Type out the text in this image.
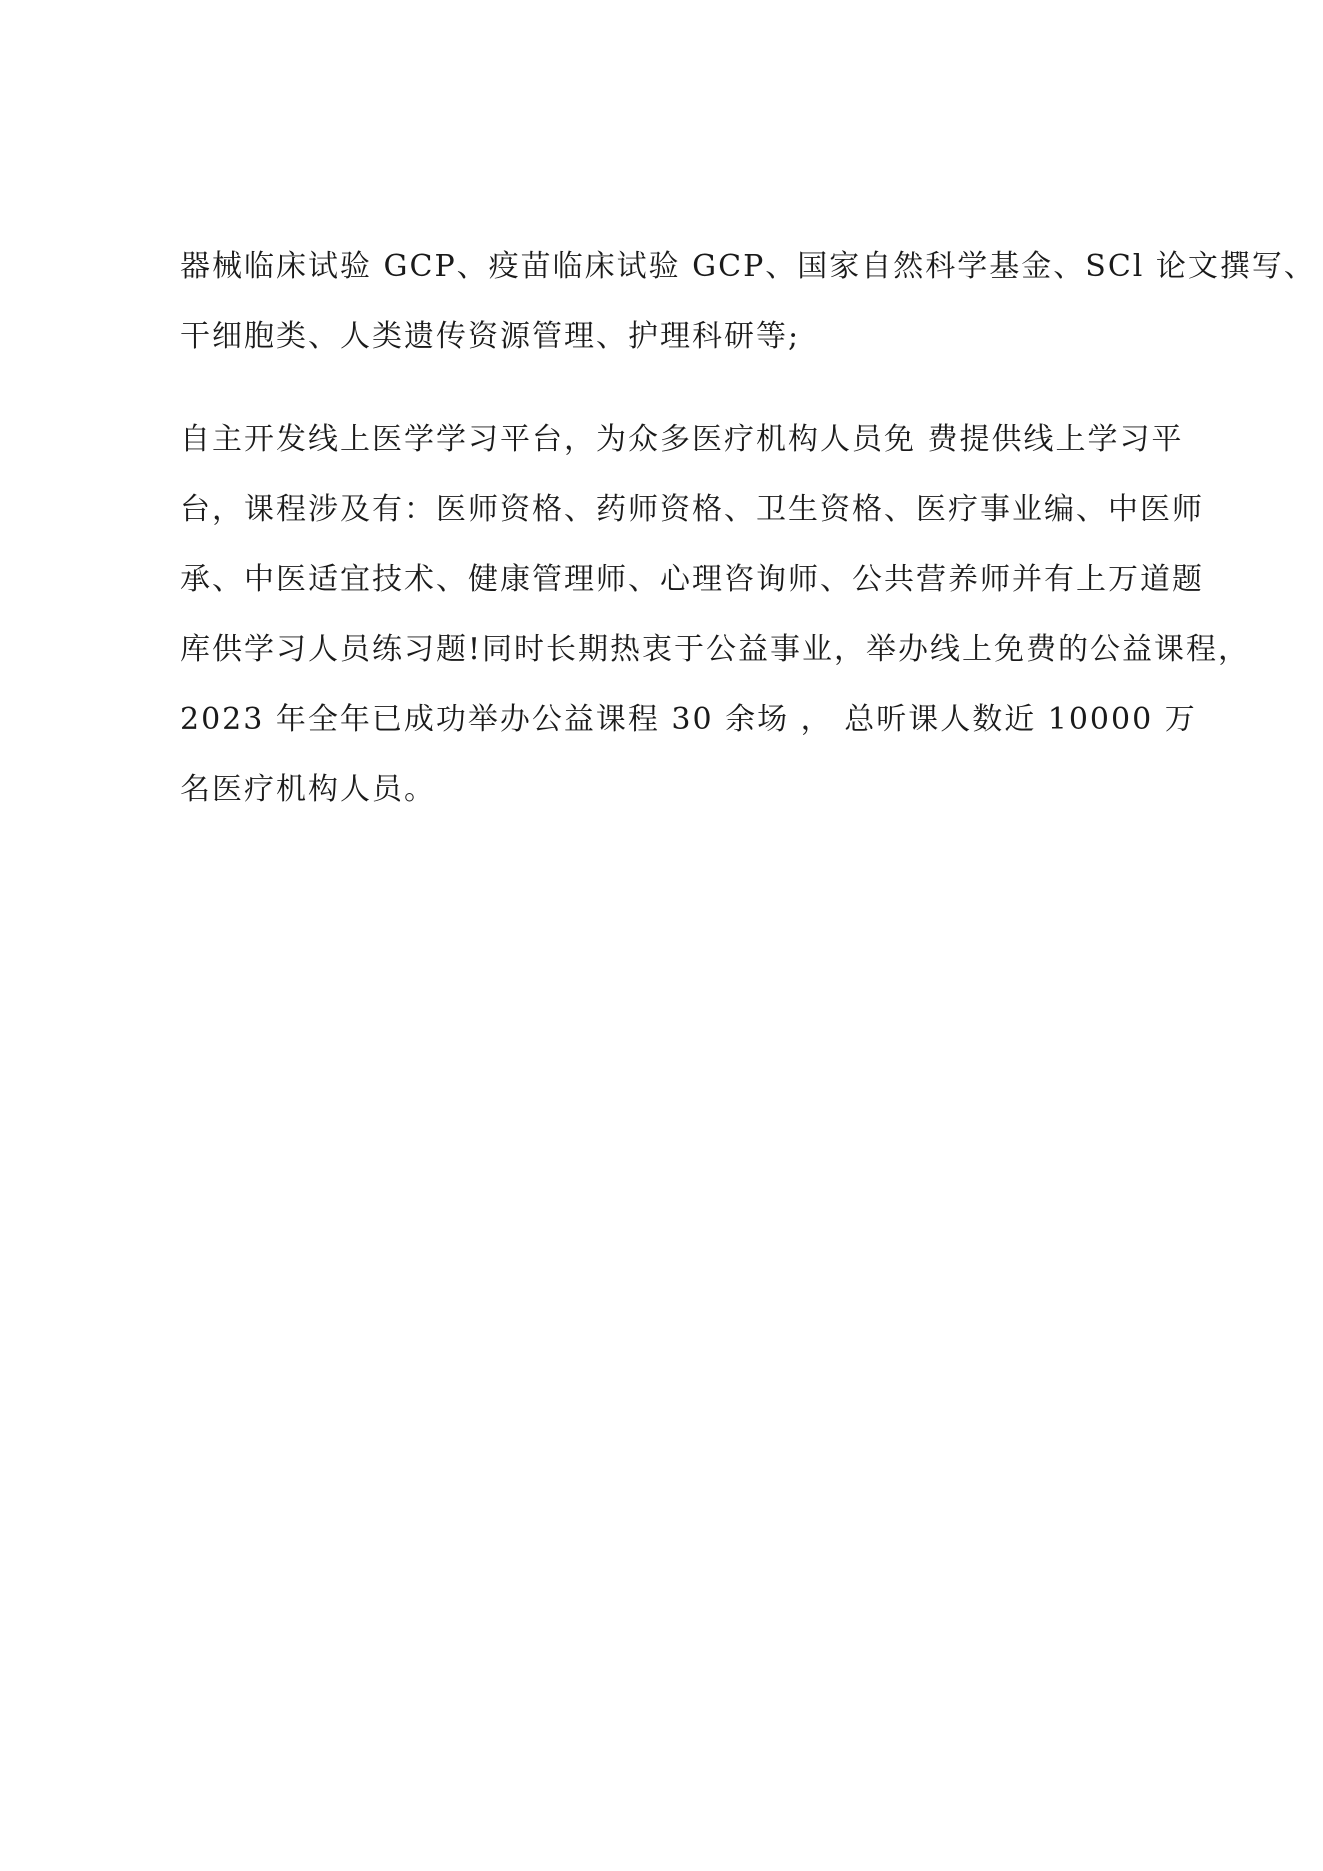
器械临床试验 GCP、疫苗临床试验 GCP、国家自然科学基金、SCl 论文撰写、
干细胞类、人类遗传资源管理、护理科研等;
自主开发线上医学学习平台，为众多医疗机构人员免 费提供线上学习平
台，课程涉及有：医师资格、药师资格、卫生资格、医疗事业编、中医师
承、中医适宜技术、健康管理师、心理咨询师、公共营养师并有上万道题
库供学习人员练习题!同时长期热衷于公益事业，举办线上免费的公益课程，
2023 年全年已成功举办公益课程 30 余场 ， 总听课人数近 10000 万
名医疗机构人员。
